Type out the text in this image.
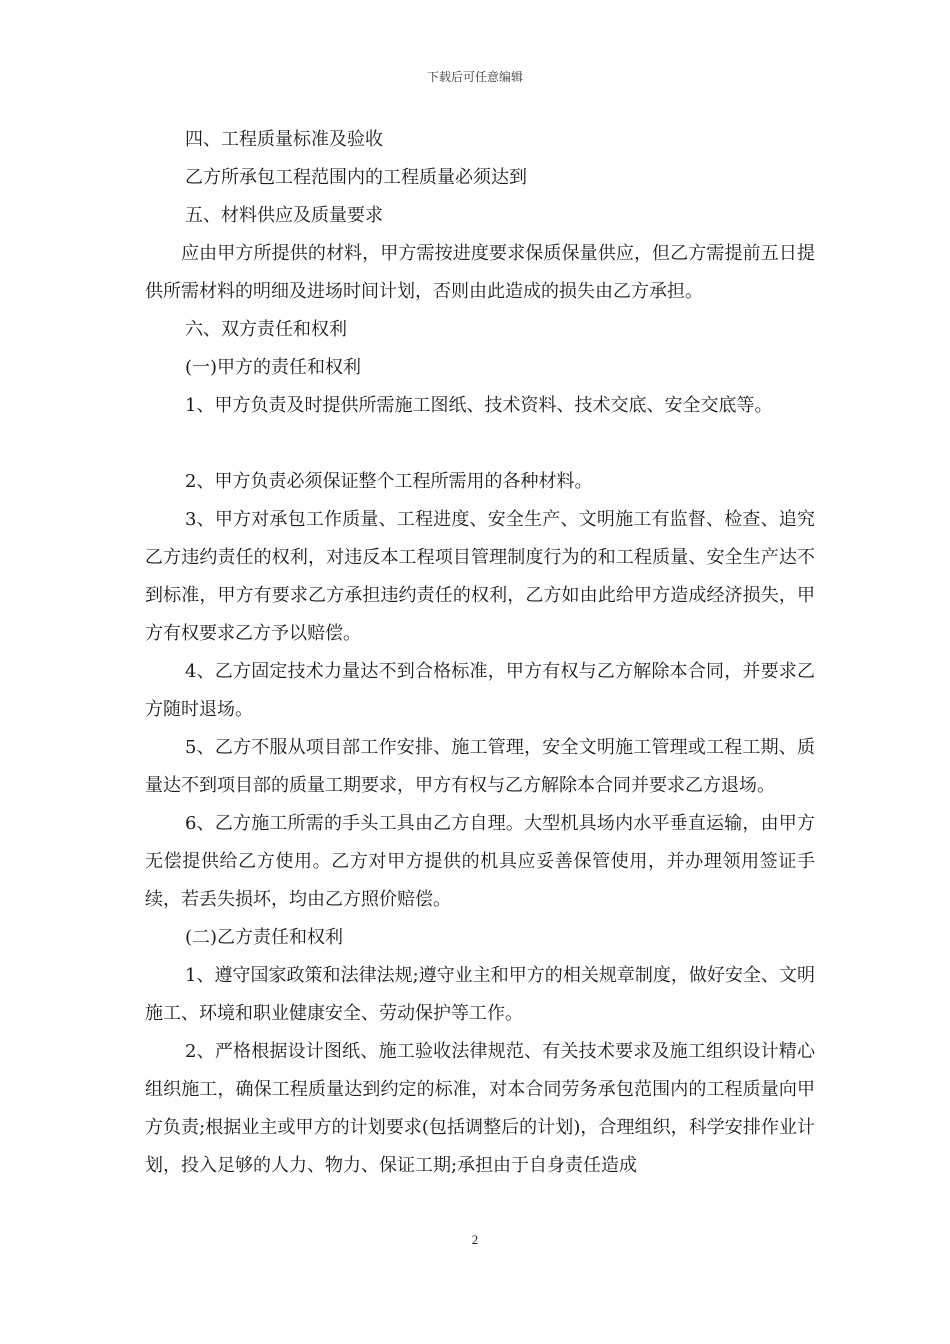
下载后可任意编辑

四、工程质量标准及验收

乙方所承包工程范围内的工程质量必须达到

五、材料供应及质量要求

应由甲方所提供的材料，甲方需按进度要求保质保量供应，但乙方需提前五日提供所需材料的明细及进场时间计划，否则由此造成的损失由乙方承担。

六、双方责任和权利

(一)甲方的责任和权利

1、甲方负责及时提供所需施工图纸、技术资料、技术交底、安全交底等。

2、甲方负责必须保证整个工程所需用的各种材料。

3、甲方对承包工作质量、工程进度、安全生产、文明施工有监督、检查、追究乙方违约责任的权利，对违反本工程项目管理制度行为的和工程质量、安全生产达不到标准，甲方有要求乙方承担违约责任的权利，乙方如由此给甲方造成经济损失，甲方有权要求乙方予以赔偿。

4、乙方固定技术力量达不到合格标准，甲方有权与乙方解除本合同，并要求乙方随时退场。

5、乙方不服从项目部工作安排、施工管理，安全文明施工管理或工程工期、质量达不到项目部的质量工期要求，甲方有权与乙方解除本合同并要求乙方退场。

6、乙方施工所需的手头工具由乙方自理。大型机具场内水平垂直运输，由甲方无偿提供给乙方使用。乙方对甲方提供的机具应妥善保管使用，并办理领用签证手续，若丢失损坏，均由乙方照价赔偿。

(二)乙方责任和权利

1、遵守国家政策和法律法规;遵守业主和甲方的相关规章制度，做好安全、文明施工、环境和职业健康安全、劳动保护等工作。

2、严格根据设计图纸、施工验收法律规范、有关技术要求及施工组织设计精心组织施工，确保工程质量达到约定的标准，对本合同劳务承包范围内的工程质量向甲方负责;根据业主或甲方的计划要求(包括调整后的计划)，合理组织，科学安排作业计划，投入足够的人力、物力、保证工期;承担由于自身责任造成

2
